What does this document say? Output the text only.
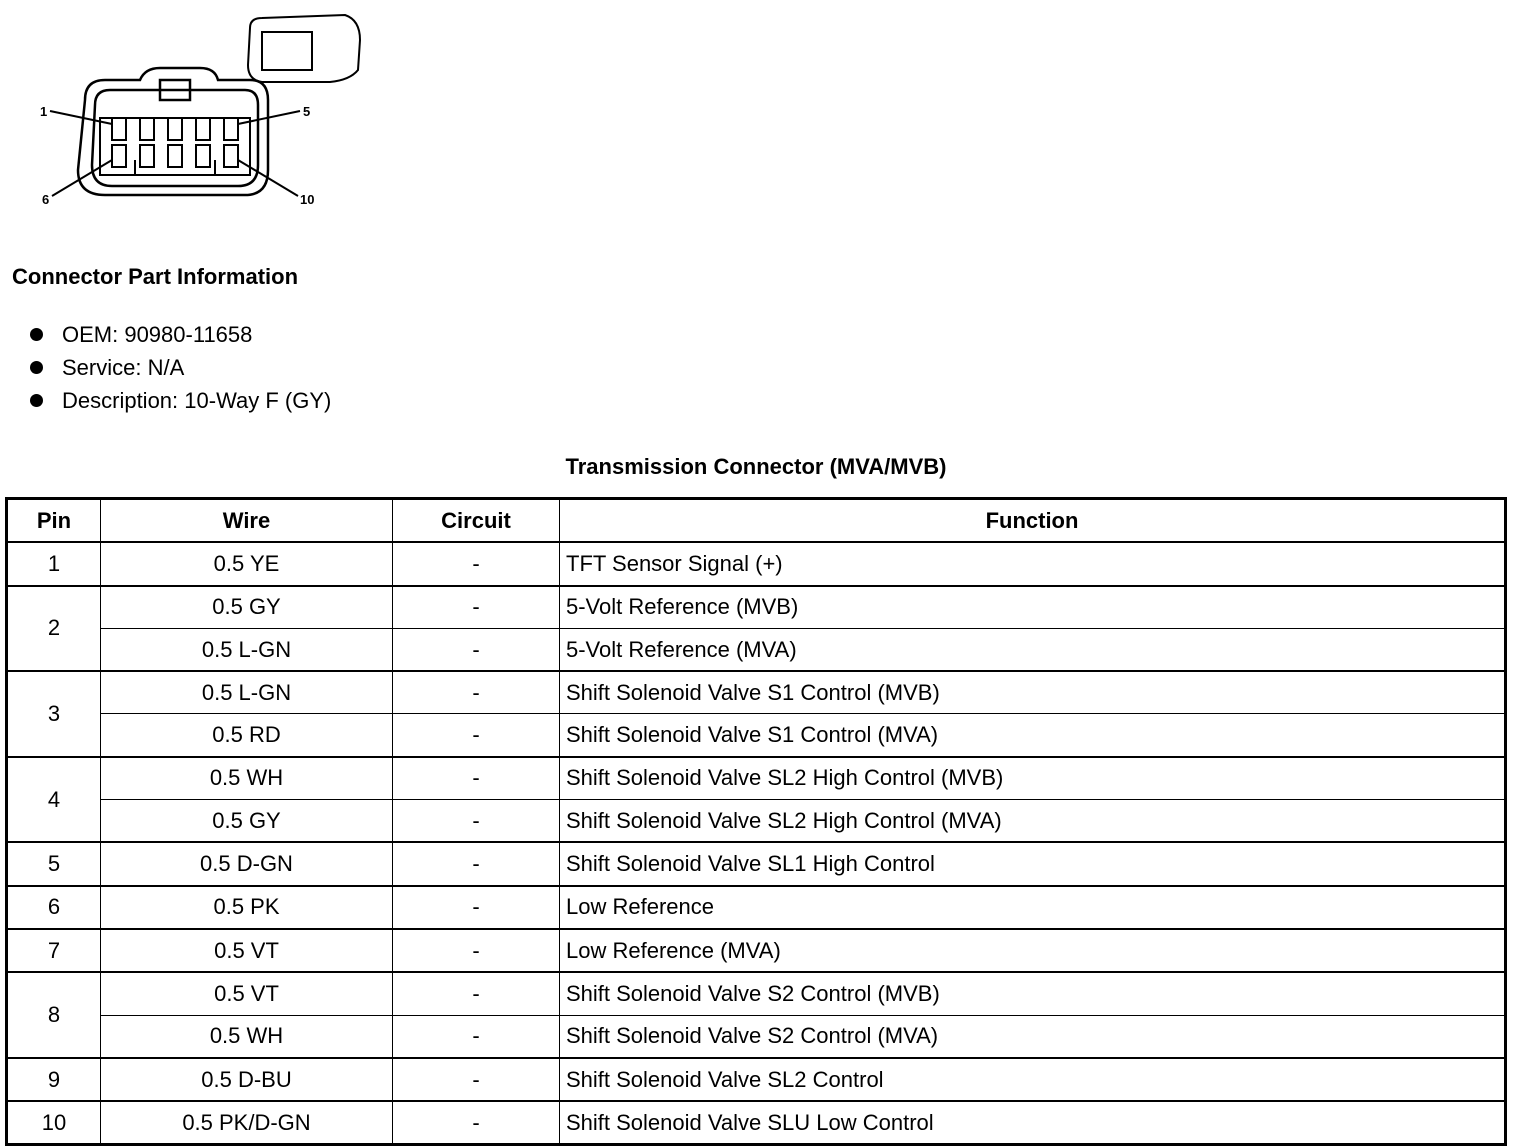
1	5
6	10
Connector Part Information
OEM: 90980-11658
Service: N/A
Description: 10-Way F (GY)
Transmission Connector (MVA/MVB)
Pin	Wire	Circuit	Function
1	0.5 YE	-	TFT Sensor Signal (+)
2	0.5 GY	-	5-Volt Reference (MVB)
	0.5 L-GN	-	5-Volt Reference (MVA)
3	0.5 L-GN	-	Shift Solenoid Valve S1 Control (MVB)
	0.5 RD	-	Shift Solenoid Valve S1 Control (MVA)
4	0.5 WH	-	Shift Solenoid Valve SL2 High Control (MVB)
	0.5 GY	-	Shift Solenoid Valve SL2 High Control (MVA)
5	0.5 D-GN	-	Shift Solenoid Valve SL1 High Control
6	0.5 PK	-	Low Reference
7	0.5 VT	-	Low Reference (MVA)
8	0.5 VT	-	Shift Solenoid Valve S2 Control (MVB)
	0.5 WH	-	Shift Solenoid Valve S2 Control (MVA)
9	0.5 D-BU	-	Shift Solenoid Valve SL2 Control
10	0.5 PK/D-GN	-	Shift Solenoid Valve SLU Low Control
